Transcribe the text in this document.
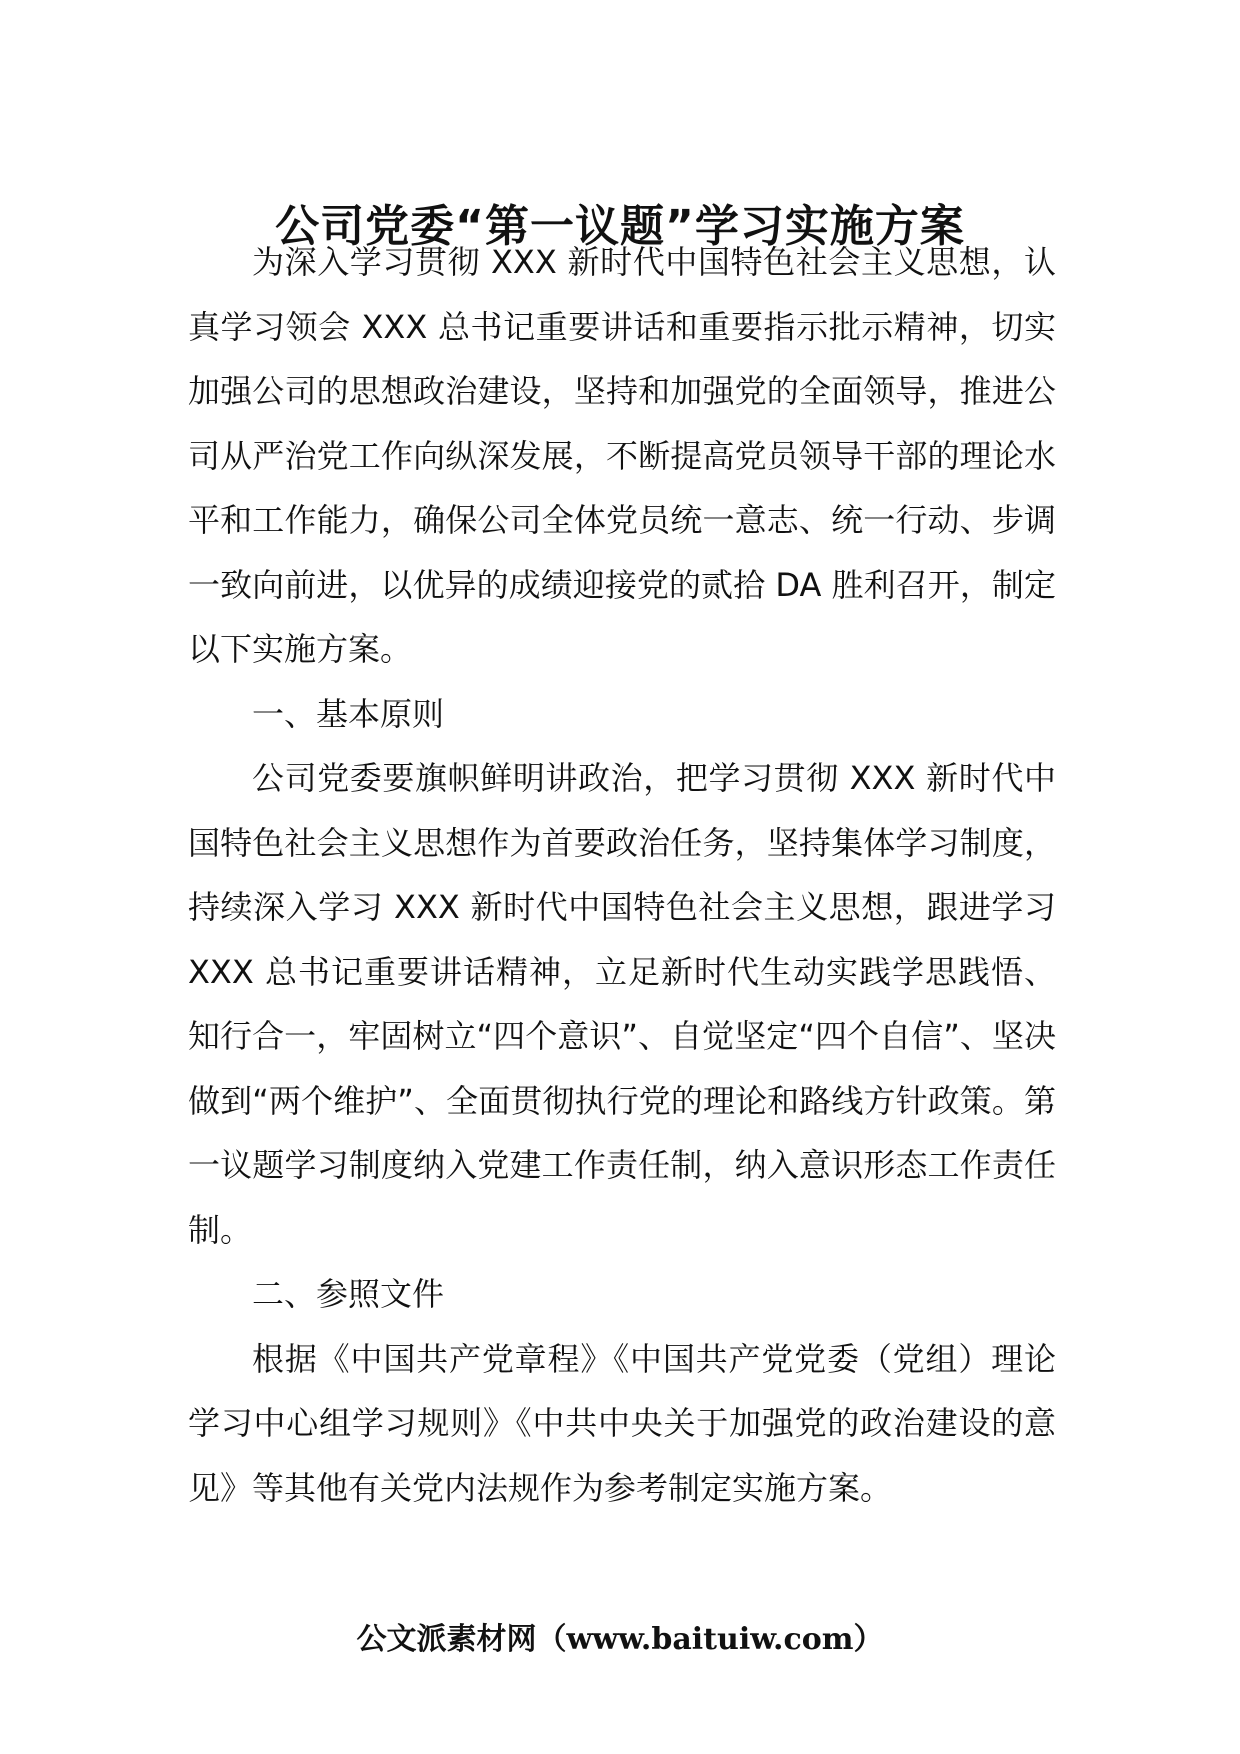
公司党委“第一议题”学习实施方案

为深入学习贯彻 XXX 新时代中国特色社会主义思想，认真学习领会 XXX 总书记重要讲话和重要指示批示精神，切实加强公司的思想政治建设，坚持和加强党的全面领导，推进公司从严治党工作向纵深发展，不断提高党员领导干部的理论水平和工作能力，确保公司全体党员统一意志、统一行动、步调一致向前进，以优异的成绩迎接党的贰拾 DA 胜利召开，制定以下实施方案。

一、基本原则

公司党委要旗帜鲜明讲政治，把学习贯彻 XXX 新时代中国特色社会主义思想作为首要政治任务，坚持集体学习制度，持续深入学习 XXX 新时代中国特色社会主义思想，跟进学习 XXX 总书记重要讲话精神，立足新时代生动实践学思践悟、知行合一，牢固树立“四个意识”、自觉坚定“四个自信”、坚决做到“两个维护”、全面贯彻执行党的理论和路线方针政策。第一议题学习制度纳入党建工作责任制，纳入意识形态工作责任制。

二、参照文件

根据《中国共产党章程》《中国共产党党委（党组）理论学习中心组学习规则》《中共中央关于加强党的政治建设的意见》等其他有关党内法规作为参考制定实施方案。

公文派素材网（www.baituiw.com）
